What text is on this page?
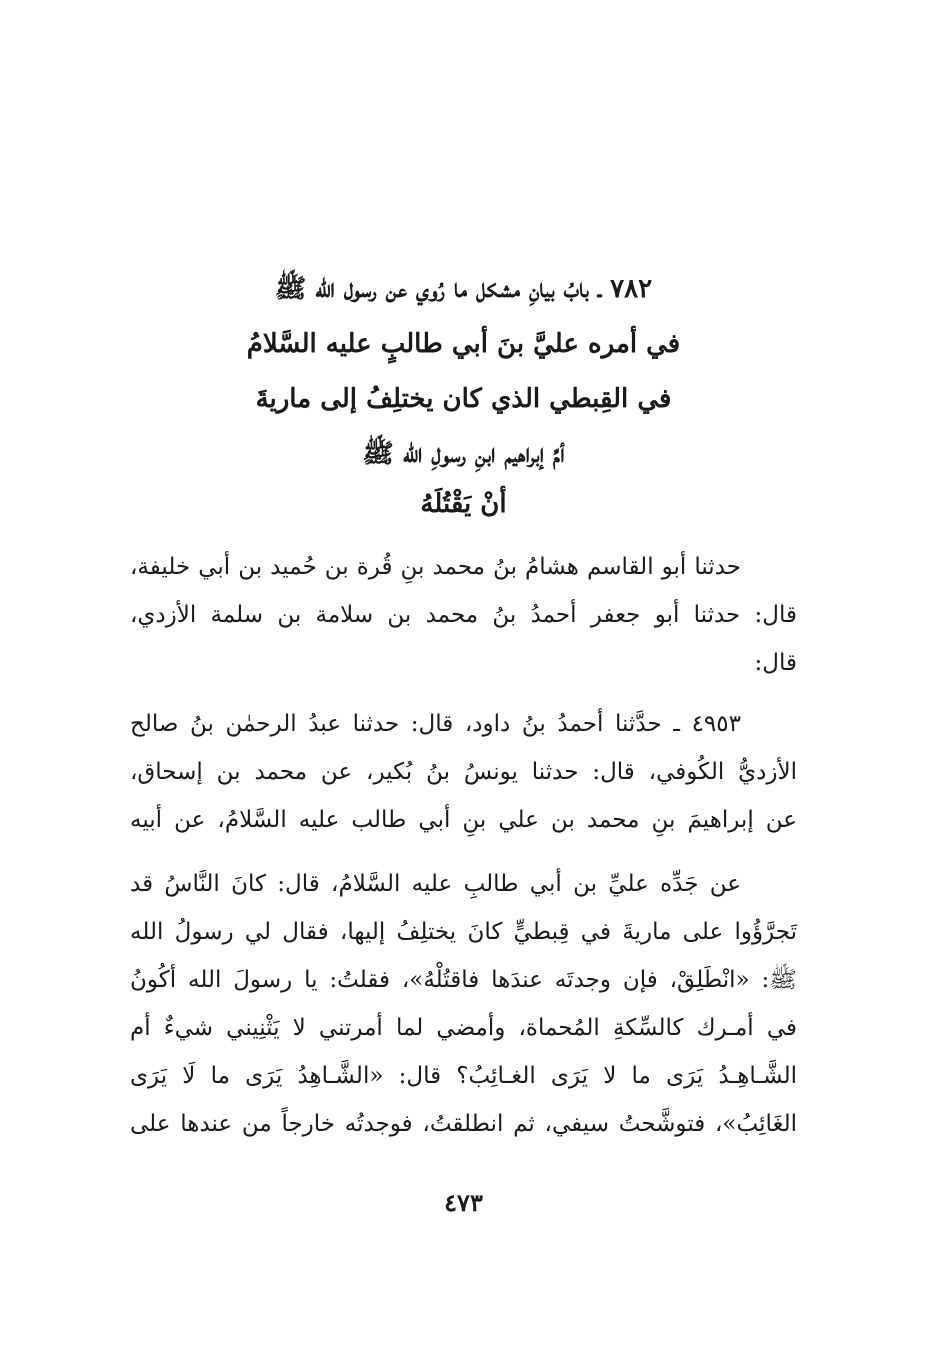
٧٨٢ ـ بابُ بيانِ مشكل ما رُوي عن رسول الله ﷺ
في أمره عليَّ بنَ أبي طالبٍ عليه السَّلامُ
في القِبطي الذي كان يختلِفُ إلى ماريةَ
أمِّ إبراهيم ابنِ رسولِ الله ﷺ
أنْ يَقْتُلَهُ
حدثنا أبو القاسم هشامُ بنُ محمد بنِ قُرة بن حُميد بن أبي خليفة،
قال: حدثنا أبو جعفر أحمدُ بنُ محمد بن سلامة بن سلمة الأزدي،
قال:
٤٩٥٣ ـ حدَّثنا أحمدُ بنُ داود، قال: حدثنا عبدُ الرحمٰن بنُ صالح
الأزديُّ الكُوفي، قال: حدثنا يونسُ بنُ بُكير، عن محمد بن إسحاق،
عن إبراهيمَ بنِ محمد بن علي بنِ أبي طالب عليه السَّلامُ، عن أبيه
عن جَدِّه عليِّ بن أبي طالبِ عليه السَّلامُ، قال: كانَ النَّاسُ قد
تَجرَّؤُوا على ماريةَ في قِبطيٍّ كانَ يختلِفُ إليها، فقال لي رسولُ الله
ﷺ: «انْطَلِقْ، فإن وجدتَه عندَها فاقتُلْهُ»، فقلتُ: يا رسولَ الله أكُونُ
في أمـرك كالسِّكةِ المُحماة، وأمضي لما أمرتني لا يَثْنِيني شيءٌ أم
الشَّـاهِـدُ يَرَى ما لا يَرَى الغـائِبُ؟ قال: «الشَّـاهِدُ يَرَى ما لَا يَرَى
الغَائِبُ»، فتوشَّحتُ سيفي، ثم انطلقتُ، فوجدتُه خارجاً من عندها على
٤٧٣
